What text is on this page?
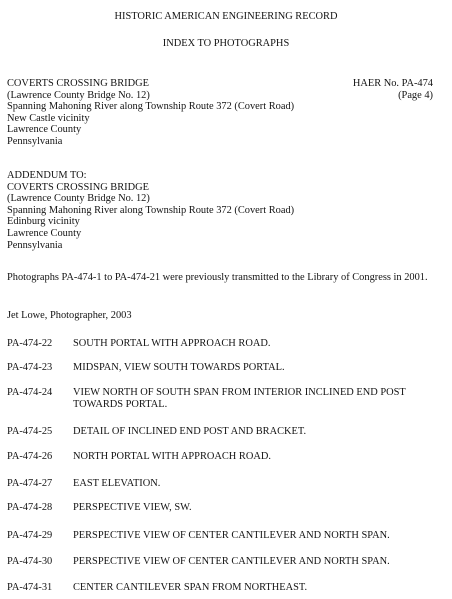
HISTORIC AMERICAN ENGINEERING RECORD
INDEX TO PHOTOGRAPHS
HAER No. PA-474
(Page 4)
COVERTS CROSSING BRIDGE
(Lawrence County Bridge No. 12)
Spanning Mahoning River along Township Route 372 (Covert Road)
New Castle vicinity
Lawrence County
Pennsylvania
ADDENDUM TO:
COVERTS CROSSING BRIDGE
(Lawrence County Bridge No. 12)
Spanning Mahoning River along Township Route 372 (Covert Road)
Edinburg vicinity
Lawrence County
Pennsylvania
Photographs PA-474-1 to PA-474-21 were previously transmitted to the Library of Congress in 2001.
Jet Lowe, Photographer, 2003
PA-474-22 SOUTH PORTAL WITH APPROACH ROAD.
PA-474-23 MIDSPAN, VIEW SOUTH TOWARDS PORTAL.
PA-474-24 VIEW NORTH OF SOUTH SPAN FROM INTERIOR INCLINED END POST TOWARDS PORTAL.
PA-474-25 DETAIL OF INCLINED END POST AND BRACKET.
PA-474-26 NORTH PORTAL WITH APPROACH ROAD.
PA-474-27 EAST ELEVATION.
PA-474-28 PERSPECTIVE VIEW, SW.
PA-474-29 PERSPECTIVE VIEW OF CENTER CANTILEVER AND NORTH SPAN.
PA-474-30 PERSPECTIVE VIEW OF CENTER CANTILEVER AND NORTH SPAN.
PA-474-31 CENTER CANTILEVER SPAN FROM NORTHEAST.
